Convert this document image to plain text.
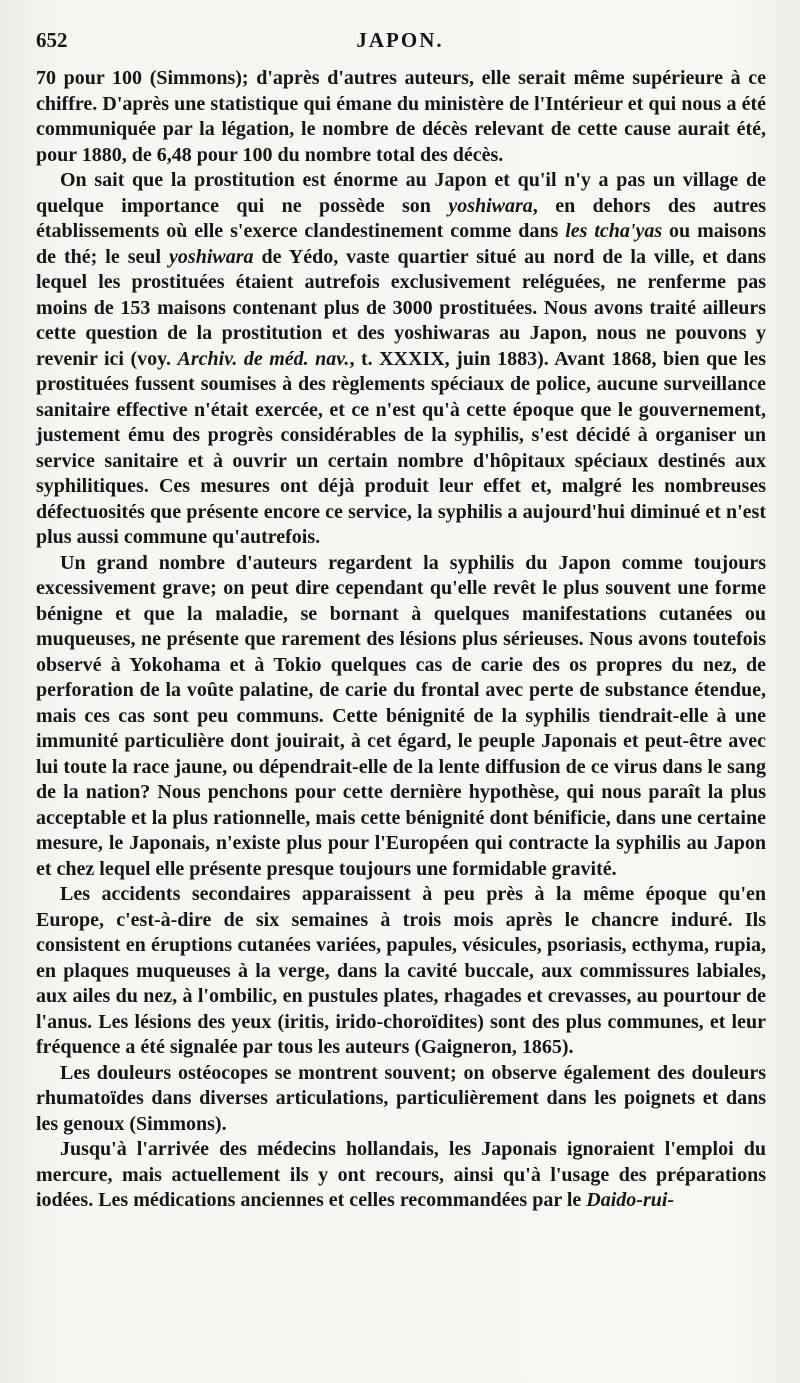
652	JAPON.

70 pour 100 (Simmons); d'après d'autres auteurs, elle serait même supérieure à ce chiffre. D'après une statistique qui émane du ministère de l'Intérieur et qui nous a été communiquée par la légation, le nombre de décès relevant de cette cause aurait été, pour 1880, de 6,48 pour 100 du nombre total des décès.

On sait que la prostitution est énorme au Japon et qu'il n'y a pas un village de quelque importance qui ne possède son yoshiwara, en dehors des autres établissements où elle s'exerce clandestinement comme dans les tcha'yas ou maisons de thé; le seul yoshiwara de Yédo, vaste quartier situé au nord de la ville, et dans lequel les prostituées étaient autrefois exclusivement reléguées, ne renferme pas moins de 153 maisons contenant plus de 3000 prostituées. Nous avons traité ailleurs cette question de la prostitution et des yoshiwaras au Japon, nous ne pouvons y revenir ici (voy. Archiv. de méd. nav., t. XXXIX, juin 1883). Avant 1868, bien que les prostituées fussent soumises à des règlements spéciaux de police, aucune surveillance sanitaire effective n'était exercée, et ce n'est qu'à cette époque que le gouvernement, justement ému des progrès considérables de la syphilis, s'est décidé à organiser un service sanitaire et à ouvrir un certain nombre d'hôpitaux spéciaux destinés aux syphilitiques. Ces mesures ont déjà produit leur effet et, malgré les nombreuses défectuosités que présente encore ce service, la syphilis a aujourd'hui diminué et n'est plus aussi commune qu'autrefois.

Un grand nombre d'auteurs regardent la syphilis du Japon comme toujours excessivement grave; on peut dire cependant qu'elle revêt le plus souvent une forme bénigne et que la maladie, se bornant à quelques manifestations cutanées ou muqueuses, ne présente que rarement des lésions plus sérieuses. Nous avons toutefois observé à Yokohama et à Tokio quelques cas de carie des os propres du nez, de perforation de la voûte palatine, de carie du frontal avec perte de substance étendue, mais ces cas sont peu communs. Cette bénignité de la syphilis tiendrait-elle à une immunité particulière dont jouirait, à cet égard, le peuple Japonais et peut-être avec lui toute la race jaune, ou dépendrait-elle de la lente diffusion de ce virus dans le sang de la nation? Nous penchons pour cette dernière hypothèse, qui nous paraît la plus acceptable et la plus rationnelle, mais cette bénignité dont bénificie, dans une certaine mesure, le Japonais, n'existe plus pour l'Européen qui contracte la syphilis au Japon et chez lequel elle présente presque toujours une formidable gravité.

Les accidents secondaires apparaissent à peu près à la même époque qu'en Europe, c'est-à-dire de six semaines à trois mois après le chancre induré. Ils consistent en éruptions cutanées variées, papules, vésicules, psoriasis, ecthyma, rupia, en plaques muqueuses à la verge, dans la cavité buccale, aux commissures labiales, aux ailes du nez, à l'ombilic, en pustules plates, rhagades et crevasses, au pourtour de l'anus. Les lésions des yeux (iritis, irido-choroïdites) sont des plus communes, et leur fréquence a été signalée par tous les auteurs (Gaigneron, 1865).

Les douleurs ostéocopes se montrent souvent; on observe également des douleurs rhumatoïdes dans diverses articulations, particulièrement dans les poignets et dans les genoux (Simmons).

Jusqu'à l'arrivée des médecins hollandais, les Japonais ignoraient l'emploi du mercure, mais actuellement ils y ont recours, ainsi qu'à l'usage des préparations iodées. Les médications anciennes et celles recommandées par le Daido-rui-
